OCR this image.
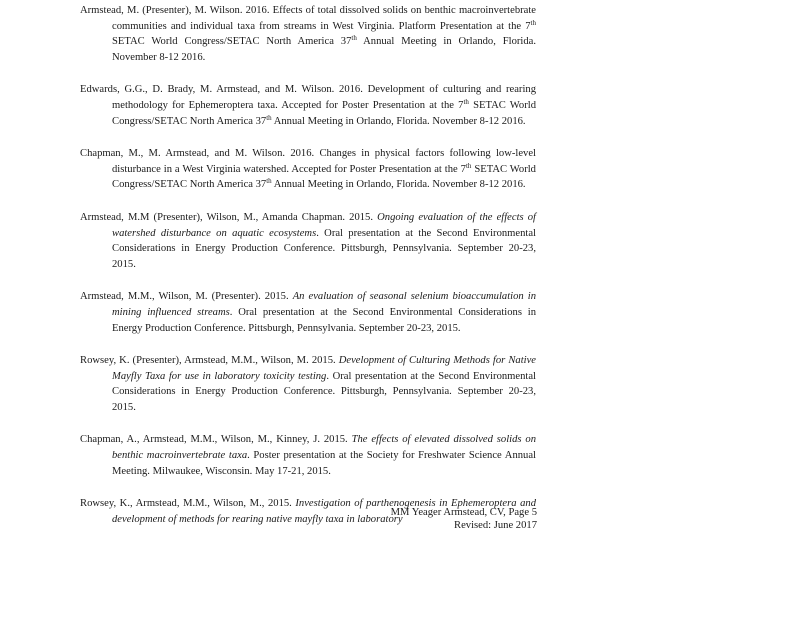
Armstead, M. (Presenter), M. Wilson. 2016. Effects of total dissolved solids on benthic macroinvertebrate communities and individual taxa from streams in West Virginia. Platform Presentation at the 7th SETAC World Congress/SETAC North America 37th Annual Meeting in Orlando, Florida. November 8-12 2016.

Edwards, G.G., D. Brady, M. Armstead, and M. Wilson. 2016. Development of culturing and rearing methodology for Ephemeroptera taxa. Accepted for Poster Presentation at the 7th SETAC World Congress/SETAC North America 37th Annual Meeting in Orlando, Florida. November 8-12 2016.

Chapman, M., M. Armstead, and M. Wilson. 2016. Changes in physical factors following low-level disturbance in a West Virginia watershed. Accepted for Poster Presentation at the 7th SETAC World Congress/SETAC North America 37th Annual Meeting in Orlando, Florida. November 8-12 2016.

Armstead, M.M (Presenter), Wilson, M., Amanda Chapman. 2015. Ongoing evaluation of the effects of watershed disturbance on aquatic ecosystems. Oral presentation at the Second Environmental Considerations in Energy Production Conference. Pittsburgh, Pennsylvania. September 20-23, 2015.

Armstead, M.M., Wilson, M. (Presenter). 2015. An evaluation of seasonal selenium bioaccumulation in mining influenced streams. Oral presentation at the Second Environmental Considerations in Energy Production Conference. Pittsburgh, Pennsylvania. September 20-23, 2015.

Rowsey, K. (Presenter), Armstead, M.M., Wilson, M. 2015. Development of Culturing Methods for Native Mayfly Taxa for use in laboratory toxicity testing. Oral presentation at the Second Environmental Considerations in Energy Production Conference. Pittsburgh, Pennsylvania. September 20-23, 2015.

Chapman, A., Armstead, M.M., Wilson, M., Kinney, J. 2015. The effects of elevated dissolved solids on benthic macroinvertebrate taxa. Poster presentation at the Society for Freshwater Science Annual Meeting. Milwaukee, Wisconsin. May 17-21, 2015.

Rowsey, K., Armstead, M.M., Wilson, M., 2015. Investigation of parthenogenesis in Ephemeroptera and development of methods for rearing native mayfly taxa in laboratory

MM Yeager Armstead, CV, Page 5
Revised: June 2017
